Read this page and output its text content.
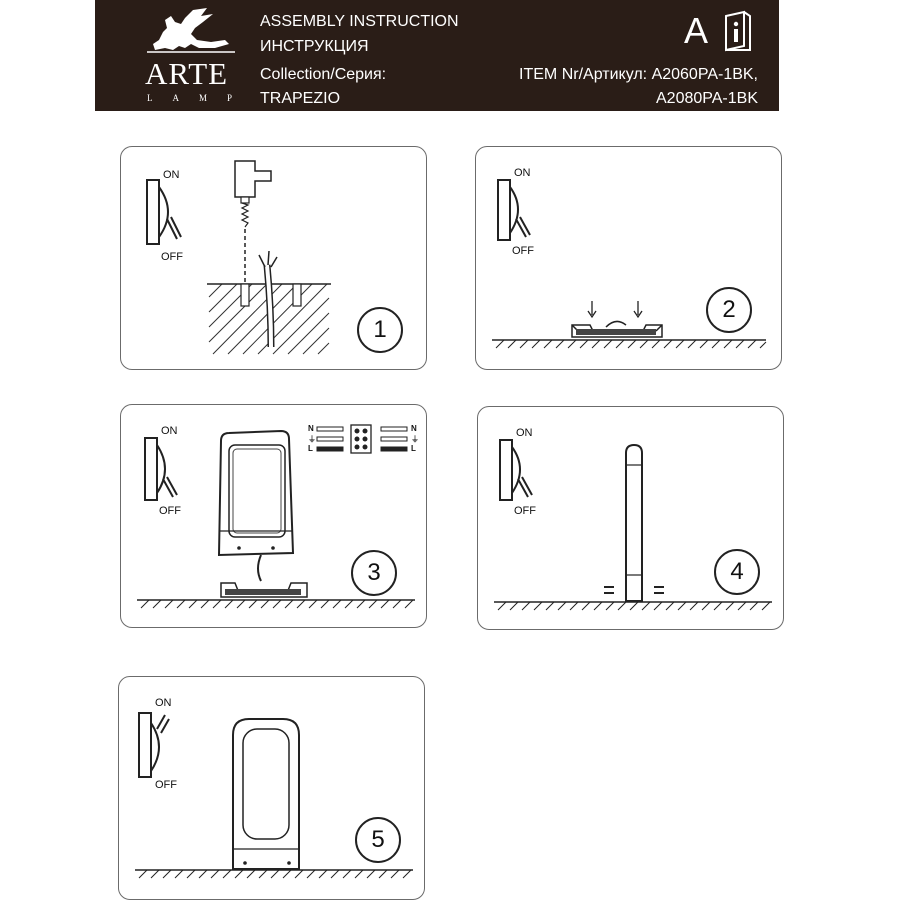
ARTE
LAMP
ASSEMBLY INSTRUCTION
ИНСТРУКЦИЯ
Collection/Серия:
TRAPEZIO
A
ITEM Nr/Артикул: A2060PA-1BK,
A2080PA-1BK
ON
OFF
1
ON
OFF
2
N
⏚
L
N
⏚
L
ON
OFF
3
ON
OFF
4
ON
OFF
5
